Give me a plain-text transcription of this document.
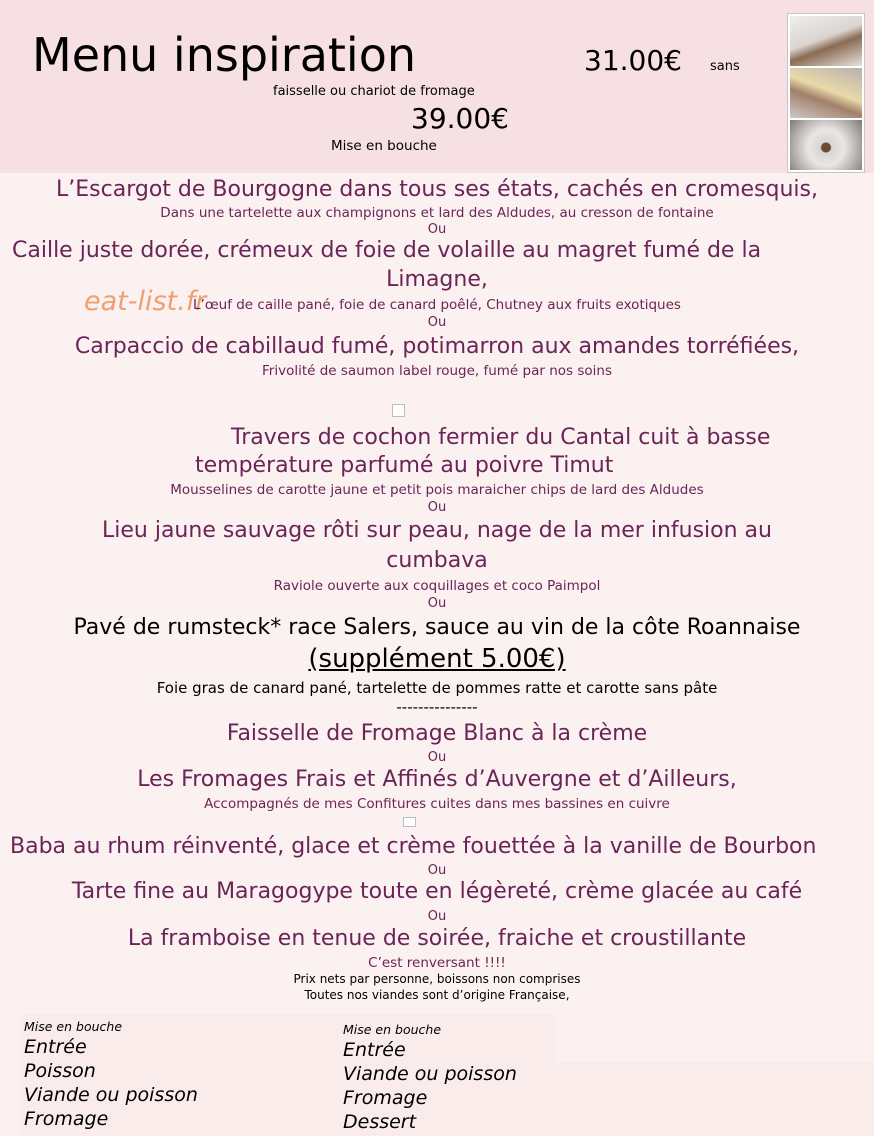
Menu inspiration	31.00€ sans
faisselle ou chariot de fromage
39.00€
Mise en bouche
L’Escargot de Bourgogne dans tous ses états, cachés en cromesquis,
Dans une tartelette aux champignons et lard des Aldudes, au cresson de fontaine
Ou
Caille juste dorée, crémeux de foie de volaille au magret fumé de la
Limagne,
eat-list.fr
L’œuf de caille pané, foie de canard poêlé, Chutney aux fruits exotiques
Ou
Carpaccio de cabillaud fumé, potimarron aux amandes torréfiées,
Frivolité de saumon label rouge, fumé par nos soins
Travers de cochon fermier du Cantal cuit à basse
température parfumé au poivre Timut
Mousselines de carotte jaune et petit pois maraicher chips de lard des Aldudes
Ou
Lieu jaune sauvage rôti sur peau, nage de la mer infusion au
cumbava
Raviole ouverte aux coquillages et coco Paimpol
Ou
Pavé de rumsteck* race Salers, sauce au vin de la côte Roannaise
(supplément 5.00€)
Foie gras de canard pané, tartelette de pommes ratte et carotte sans pâte
---------------
Faisselle de Fromage Blanc à la crème
Ou
Les Fromages Frais et Affinés d’Auvergne et d’Ailleurs,
Accompagnés de mes Confitures cuites dans mes bassines en cuivre
Baba au rhum réinventé, glace et crème fouettée à la vanille de Bourbon
Ou
Tarte fine au Maragogype toute en légèreté, crème glacée au café
Ou
La framboise en tenue de soirée, fraiche et croustillante
C’est renversant !!!!
Prix nets par personne, boissons non comprises
Toutes nos viandes sont d’origine Française,
Mise en bouche
Entrée
Poisson
Viande ou poisson
Fromage
Mise en bouche
Entrée
Viande ou poisson
Fromage
Dessert
